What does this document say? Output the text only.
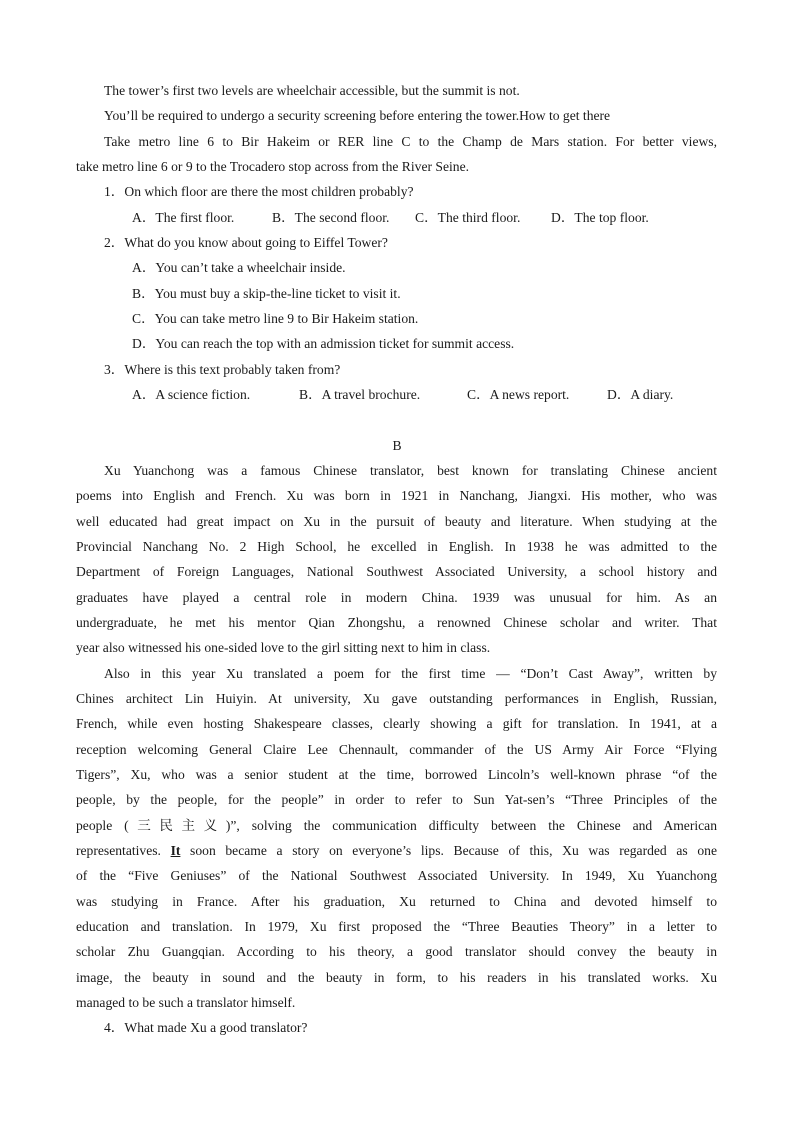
The tower’s first two levels are wheelchair accessible, but the summit is not.
You’ll be required to undergo a security screening before entering the tower.How to get there
Take metro line 6 to Bir Hakeim or RER line C to the Champ de Mars station. For better views,
take metro line 6 or 9 to the Trocadero stop across from the River Seine.
1．On which floor are there the most children probably?
A．The first floor.	B．The second floor. C．The third floor. D．The top floor.
2．What do you know about going to Eiffel Tower?
A．You can’t take a wheelchair inside.
B．You must buy a skip-the-line ticket to visit it.
C．You can take metro line 9 to Bir Hakeim station.
D．You can reach the top with an admission ticket for summit access.
3．Where is this text probably taken from?
A．A science fiction.	B．A travel brochure.	C．A news report.	D．A diary.
B
Xu Yuanchong was a famous Chinese translator, best known for translating Chinese ancient
poems into English and French. Xu was born in 1921 in Nanchang, Jiangxi. His mother, who was
well educated had great impact on Xu in the pursuit of beauty and literature. When studying at the
Provincial Nanchang No. 2 High School, he excelled in English. In 1938 he was admitted to the
Department of Foreign Languages, National Southwest Associated University, a school history and
graduates have played a central role in modern China. 1939 was unusual for him. As an
undergraduate, he met his mentor Qian Zhongshu, a renowned Chinese scholar and writer. That
year also witnessed his one-sided love to the girl sitting next to him in class.
Also in this year Xu translated a poem for the first time — “Don’t Cast Away”, written by
Chines architect Lin Huiyin. At university, Xu gave outstanding performances in English, Russian,
French, while even hosting Shakespeare classes, clearly showing a gift for translation. In 1941, at a
reception welcoming General Claire Lee Chennault, commander of the US Army Air Force “Flying
Tigers”, Xu, who was a senior student at the time, borrowed Lincoln’s well-known phrase “of the
people, by the people, for the people” in order to refer to Sun Yat-sen’s “Three Principles of the
people (三民主义)”, solving the communication difficulty between the Chinese and American
representatives. It soon became a story on everyone’s lips. Because of this, Xu was regarded as one
of the “Five Geniuses” of the National Southwest Associated University. In 1949, Xu Yuanchong
was studying in France. After his graduation, Xu returned to China and devoted himself to
education and translation. In 1979, Xu first proposed the “Three Beauties Theory” in a letter to
scholar Zhu Guangqian. According to his theory, a good translator should convey the beauty in
image, the beauty in sound and the beauty in form, to his readers in his translated works. Xu
managed to be such a translator himself.
4．What made Xu a good translator?
